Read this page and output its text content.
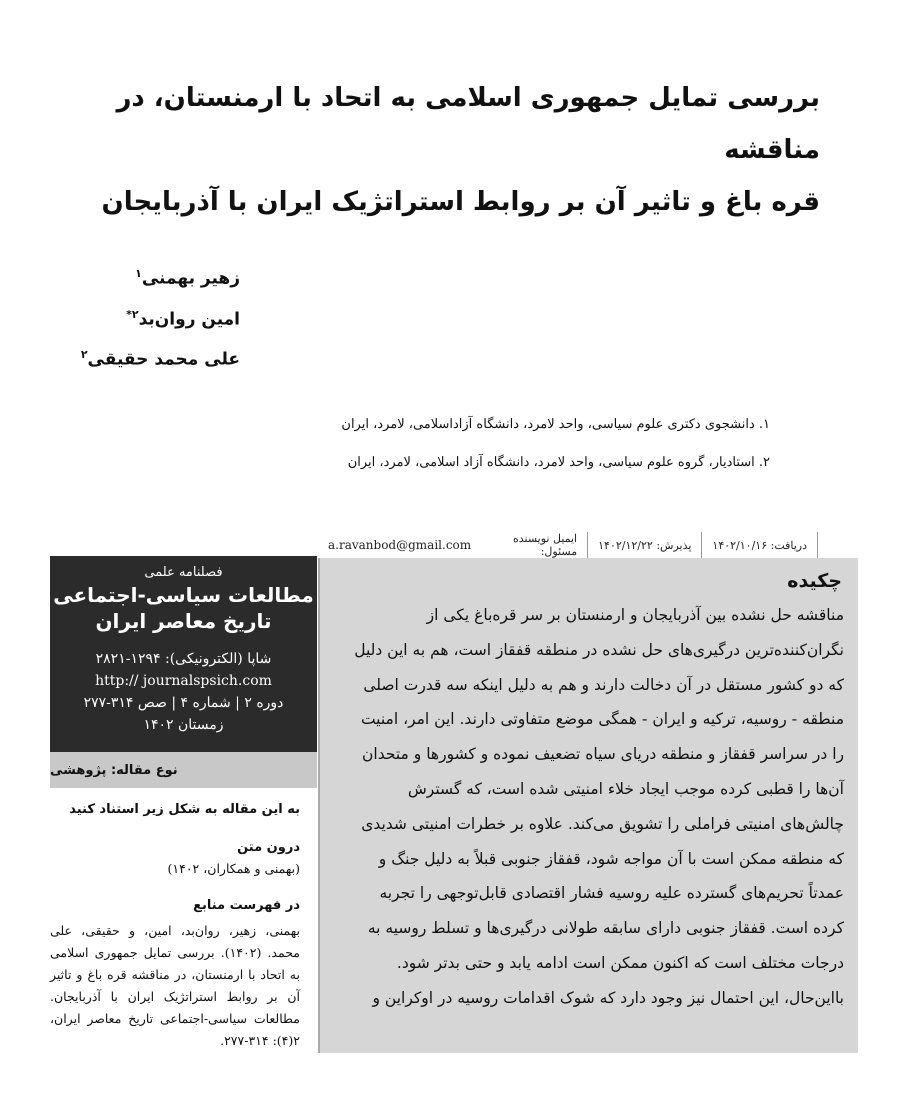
بررسی تمایل جمهوری اسلامی به اتحاد با ارمنستان، در مناقشه
قره باغ و تاثیر آن بر روابط استراتژیک ایران با آذربایجان
زهیر بهمنی$^۱$
امین روان‌بد$^{۲*}$
علی محمد حقیقی$^۲$
۱. دانشجوی دکتری علوم سیاسی، واحد لامرد، دانشگاه آزاداسلامی، لامرد، ایران
۲. استادیار، گروه علوم سیاسی، واحد لامرد، دانشگاه آزاد اسلامی، لامرد، ایران
دریافت:

۱۴۰۲/۱۰/۱۶
پذیرش:

۱۴۰۲/۱۲/۲۲
ایمیل نویسنده مسئول:

a.ravanbod@gmail.com
چکیده
مناقشه حل نشده بین آذربایجان و ارمنستان بر سر قره‌باغ یکی از
نگران‌کننده‌ترین درگیری‌های حل نشده در منطقه قفقاز است، هم به این دلیل
که دو کشور مستقل در آن دخالت دارند و هم به دلیل اینکه سه قدرت اصلی
منطقه - روسیه، ترکیه و ایران - همگی موضع متفاوتی دارند. این امر، امنیت
را در سراسر قفقاز و منطقه دریای سیاه تضعیف نموده و کشورها و متحدان
آن‌ها را قطبی کرده موجب ایجاد خلاء امنیتی شده است، که گسترش
چالش‌های امنیتی فراملی را تشویق می‌کند. علاوه بر خطرات امنیتی شدیدی
که منطقه ممکن است با آن مواجه شود، قفقاز جنوبی قبلاً به دلیل جنگ و
عمدتاً تحریم‌های گسترده علیه روسیه فشار اقتصادی قابل‌توجهی را تجربه
کرده است. قفقاز جنوبی دارای سابقه طولانی درگیری‌ها و تسلط روسیه به
درجات مختلف است که اکنون ممکن است ادامه یابد و حتی بدتر شود.
بااین‌حال، این احتمال نیز وجود دارد که شوک اقدامات روسیه در اوکراین و
فصلنامه علمی
مطالعات سیاسی-اجتماعی
تاریخ معاصر ایران
شاپا (الکترونیکی): ۱۲۹۴-۲۸۲۱
http:// journalspsich.com
دوره ۲ | شماره ۴ | صص ۳۱۴-۲۷۷
زمستان ۱۴۰۲
نوع مقاله: پژوهشی
به این مقاله به شکل زیر استناد کنید
درون متن
(بهمنی و همکاران، ۱۴۰۲)
در فهرست منابع
بهمنی، زهیر، روان‌بد، امین، و حقیقی، علی محمد. (۱۴۰۲). بررسی تمایل جمهوری اسلامی به اتحاد با ارمنستان، در مناقشه قره باغ و تاثیر آن بر روابط استراتژیک ایران با آذربایجان. مطالعات سیاسی-اجتماعی تاریخ معاصر ایران، ۲(۴): ۳۱۴-۲۷۷.
